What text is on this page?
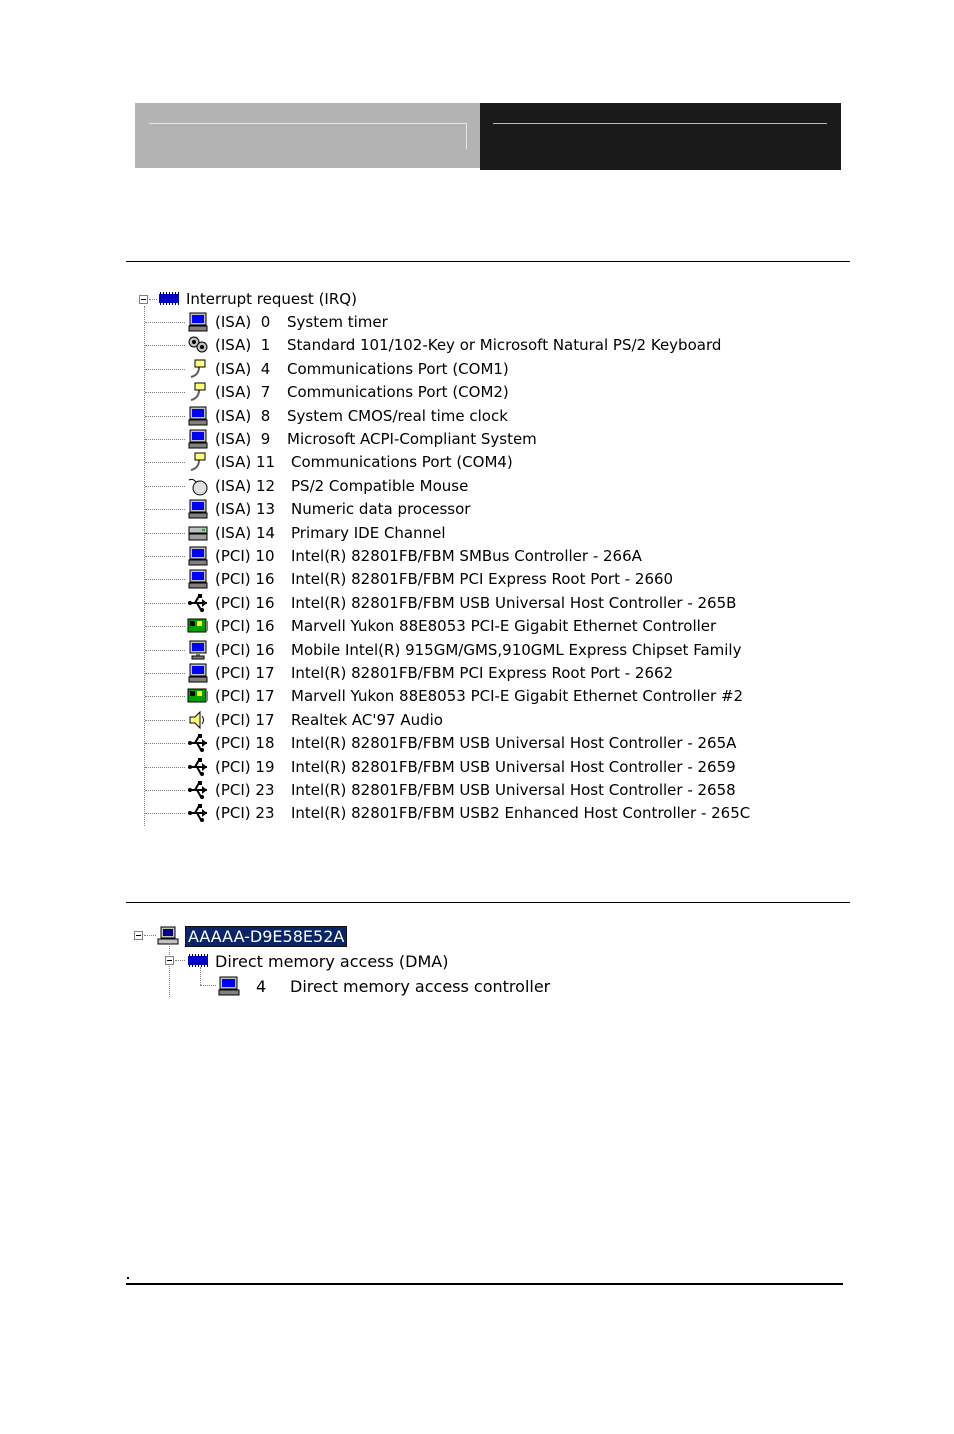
Interrupt request (IRQ)
(ISA)  0	System timer
(ISA)  1	Standard 101/102-Key or Microsoft Natural PS/2 Keyboard
(ISA)  4	Communications Port (COM1)
(ISA)  7	Communications Port (COM2)
(ISA)  8	System CMOS/real time clock
(ISA)  9	Microsoft ACPI-Compliant System
(ISA) 11	Communications Port (COM4)
(ISA) 12	PS/2 Compatible Mouse
(ISA) 13	Numeric data processor
(ISA) 14	Primary IDE Channel
(PCI) 10	Intel(R) 82801FB/FBM SMBus Controller - 266A
(PCI) 16	Intel(R) 82801FB/FBM PCI Express Root Port - 2660
(PCI) 16	Intel(R) 82801FB/FBM USB Universal Host Controller - 265B
(PCI) 16	Marvell Yukon 88E8053 PCI-E Gigabit Ethernet Controller
(PCI) 16	Mobile Intel(R) 915GM/GMS,910GML Express Chipset Family
(PCI) 17	Intel(R) 82801FB/FBM PCI Express Root Port - 2662
(PCI) 17	Marvell Yukon 88E8053 PCI-E Gigabit Ethernet Controller #2
(PCI) 17	Realtek AC'97 Audio
(PCI) 18	Intel(R) 82801FB/FBM USB Universal Host Controller - 265A
(PCI) 19	Intel(R) 82801FB/FBM USB Universal Host Controller - 2659
(PCI) 23	Intel(R) 82801FB/FBM USB Universal Host Controller - 2658
(PCI) 23	Intel(R) 82801FB/FBM USB2 Enhanced Host Controller - 265C
AAAAA-D9E58E52A
Direct memory access (DMA)
4	Direct memory access controller
